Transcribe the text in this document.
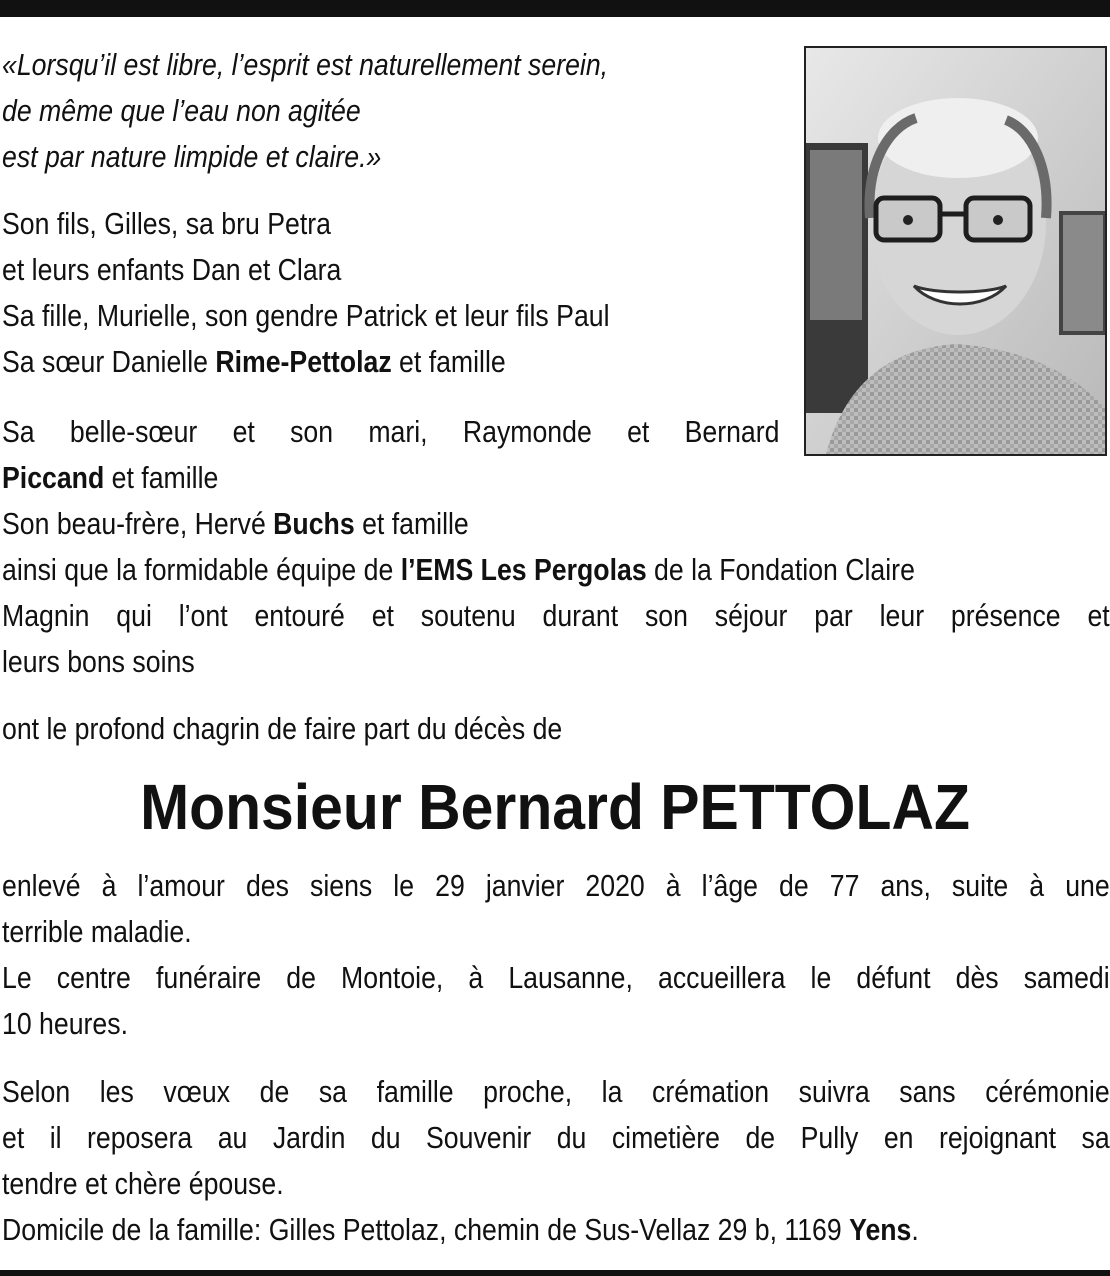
«Lorsqu’il est libre, l’esprit est naturellement serein,
de même que l’eau non agitée
est par nature limpide et claire.»
Son fils, Gilles, sa bru Petra
et leurs enfants Dan et Clara
Sa fille, Murielle, son gendre Patrick et leur fils Paul
Sa sœur Danielle Rime-Pettolaz et famille
Sa belle-sœur et son mari, Raymonde et Bernard
Piccand et famille
Son beau-frère, Hervé Buchs et famille
ainsi que la formidable équipe de l’EMS Les Pergolas de la Fondation Claire
Magnin qui l’ont entouré et soutenu durant son séjour par leur présence et
leurs bons soins
ont le profond chagrin de faire part du décès de
Monsieur Bernard PETTOLAZ
enlevé à l’amour des siens le 29 janvier 2020 à l’âge de 77 ans, suite à une
terrible maladie.
Le centre funéraire de Montoie, à Lausanne, accueillera le défunt dès samedi
10 heures.
Selon les vœux de sa famille proche, la crémation suivra sans cérémonie
et il reposera au Jardin du Souvenir du cimetière de Pully en rejoignant sa
tendre et chère épouse.
Domicile de la famille: Gilles Pettolaz, chemin de Sus-Vellaz 29 b, 1169 Yens.
